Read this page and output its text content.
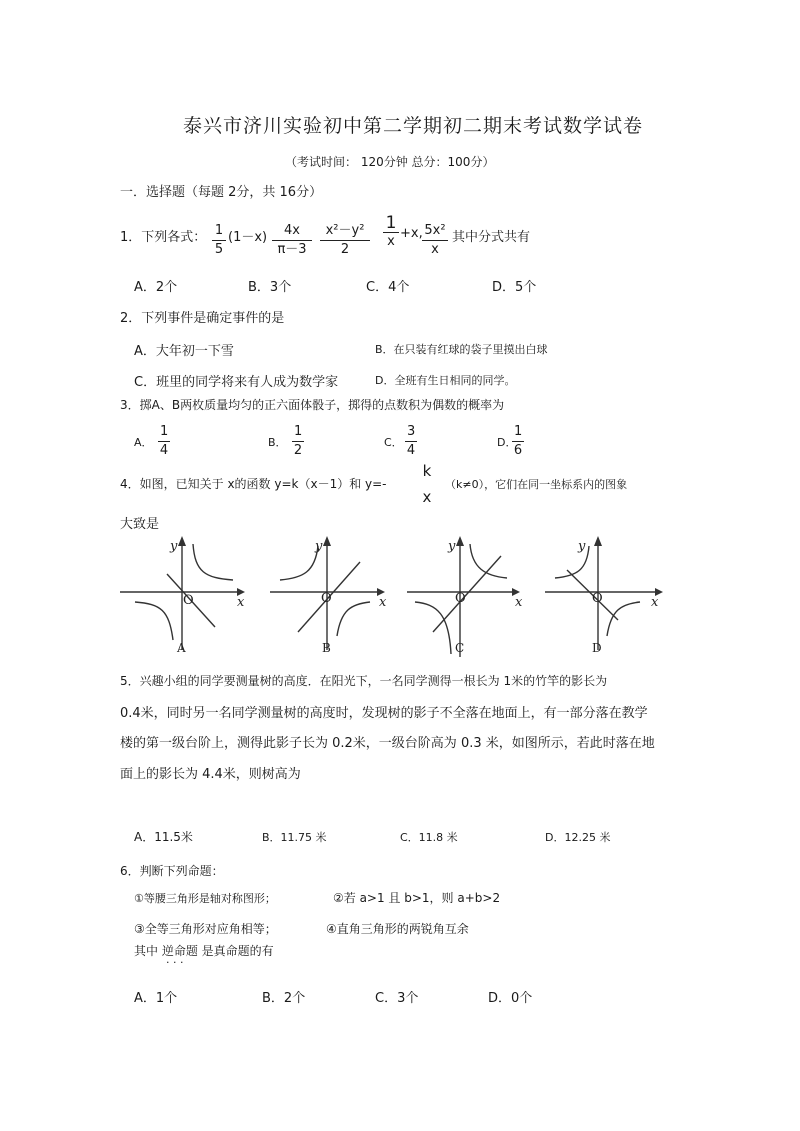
泰兴市济川实验初中第二学期初二期末考试数学试卷
（考试时间： 120分钟 总分：100分）
一．选择题（每题 2分，共 16分）
1．下列各式： $\frac{1}{5} (1-x) \frac{4x}{\pi-3} \frac{\text{x²－y²}}{2} 1$
x
+x, $\frac{\text{5x²}}{x}$ 其中分式共有
A．2个	B．3个	C．4个	D．5个
2．下列事件是确定事件的是
A．大年初一下雪	B．在只装有红球的袋子里摸出白球
C．班里的同学将来有人成为数学家	D．全班有生日相同的同学。
3．掷A、B两枚质量均匀的正六面体骰子，掷得的点数积为偶数的概率为
A． $\frac{1}{4}$	B． $\frac{1}{2}$	C． $\frac{3}{4}$	D．
$\frac{1}{6}$
4．如图，已知关于 x的函数 y=k（x－1）和 y=-
k
x
（k≠0），它们在同一坐标系内的图象
大致是
y
x
y
x
y
x
y
x
O	O	O	O
A	B	C	D
5．兴趣小组的同学要测量树的高度．在阳光下，一名同学测得一根长为 1米的竹竿的影长为
0.4米，同时另一名同学测量树的高度时，发现树的影子不全落在地面上，有一部分落在教学
楼的第一级台阶上，测得此影子长为 0.2米，一级台阶高为 0.3 米，如图所示，若此时落在地
面上的影长为 4.4米，则树高为
A．11.5米	B．11.75 米	C．11.8 米	D．12.25 米
6．判断下列命题：
①等腰三角形是轴对称图形；	②若 a>1 且 b>1，则 a+b>2
③全等三角形对应角相等；	④直角三角形的两锐角互余
其中 逆命题 是真命题的有
· · ·
A．1个	B．2个	C．3个	D．0个
